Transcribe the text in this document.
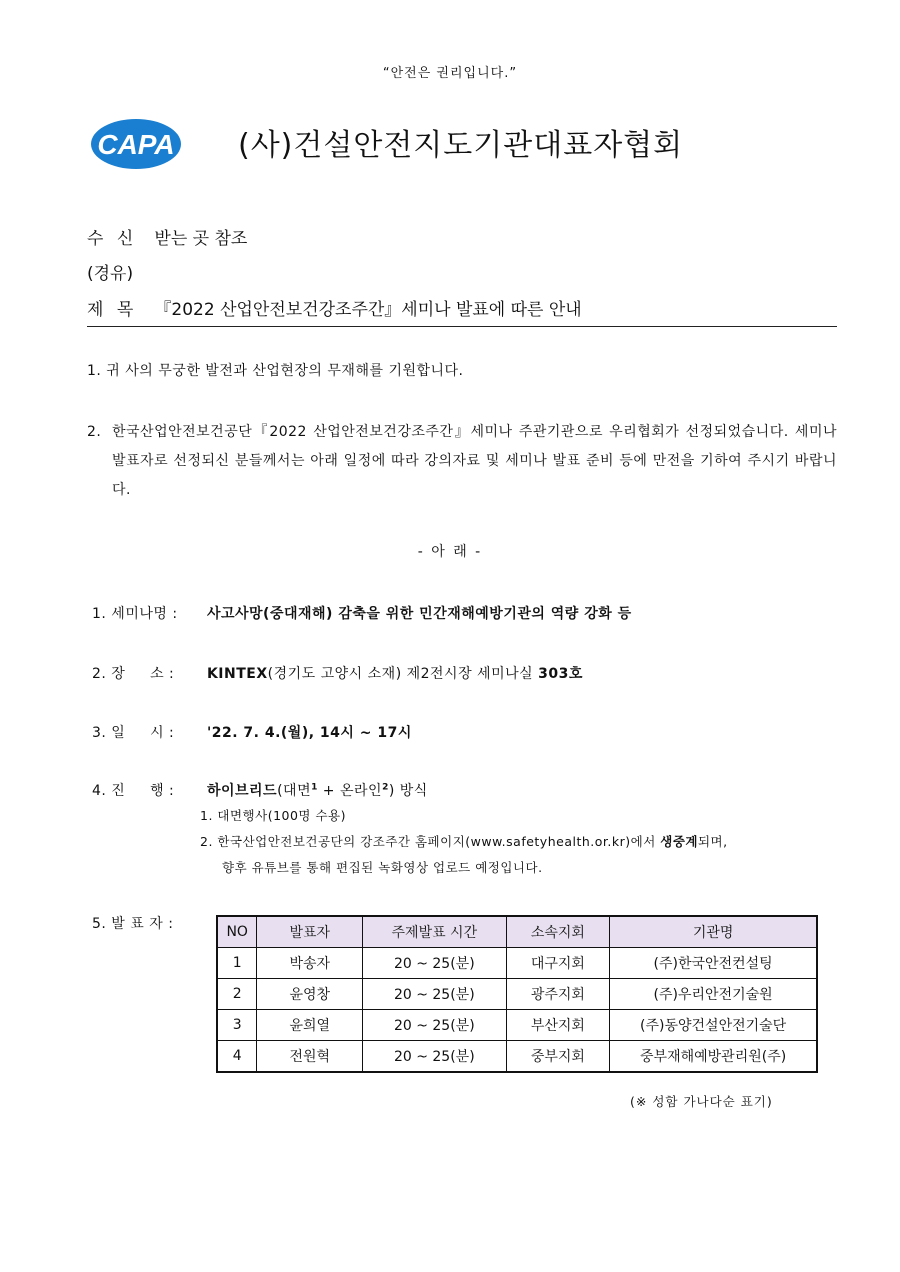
“안전은 권리입니다.”
CAPA (사)건설안전지도기관대표자협회
수 신 받는 곳 참조
(경유)
제 목 『2022 산업안전보건강조주간』세미나 발표에 따른 안내
1. 귀 사의 무궁한 발전과 산업현장의 무재해를 기원합니다.
2. 한국산업안전보건공단『2022 산업안전보건강조주간』세미나 주관기관으로 우리협회가 선정되었습니다. 세미나 발표자로 선정되신 분들께서는 아래 일정에 따라 강의자료 및 세미나 발표 준비 등에 만전을 기하여 주시기 바랍니다.
- 아 래 -
1. 세미나명 : 사고사망(중대재해) 감축을 위한 민간재해예방기관의 역량 강화 등
2. 장     소 : KINTEX(경기도 고양시 소재) 제2전시장 세미나실 303호
3. 일     시 : '22. 7. 4.(월), 14시 ~ 17시
4. 진     행 : 하이브리드(대면$^1$ + 온라인$^2$) 방식
1. 대면행사(100명 수용)
2. 한국산업안전보건공단의 강조주간 홈페이지(www.safetyhealth.or.kr)에서 생중계되며,
향후 유튜브를 통해 편집된 녹화영상 업로드 예정입니다.
5. 발 표 자 :	NO	발표자	주제발표 시간	소속지회	기관명
1	박송자	20 ~ 25(분)	대구지회	(주)한국안전컨설팅
2	윤영창	20 ~ 25(분)	광주지회	(주)우리안전기술원
3	윤희열	20 ~ 25(분)	부산지회	(주)동양건설안전기술단
4	전원혁	20 ~ 25(분)	중부지회	중부재해예방관리원(주)
(※ 성함 가나다순 표기)
